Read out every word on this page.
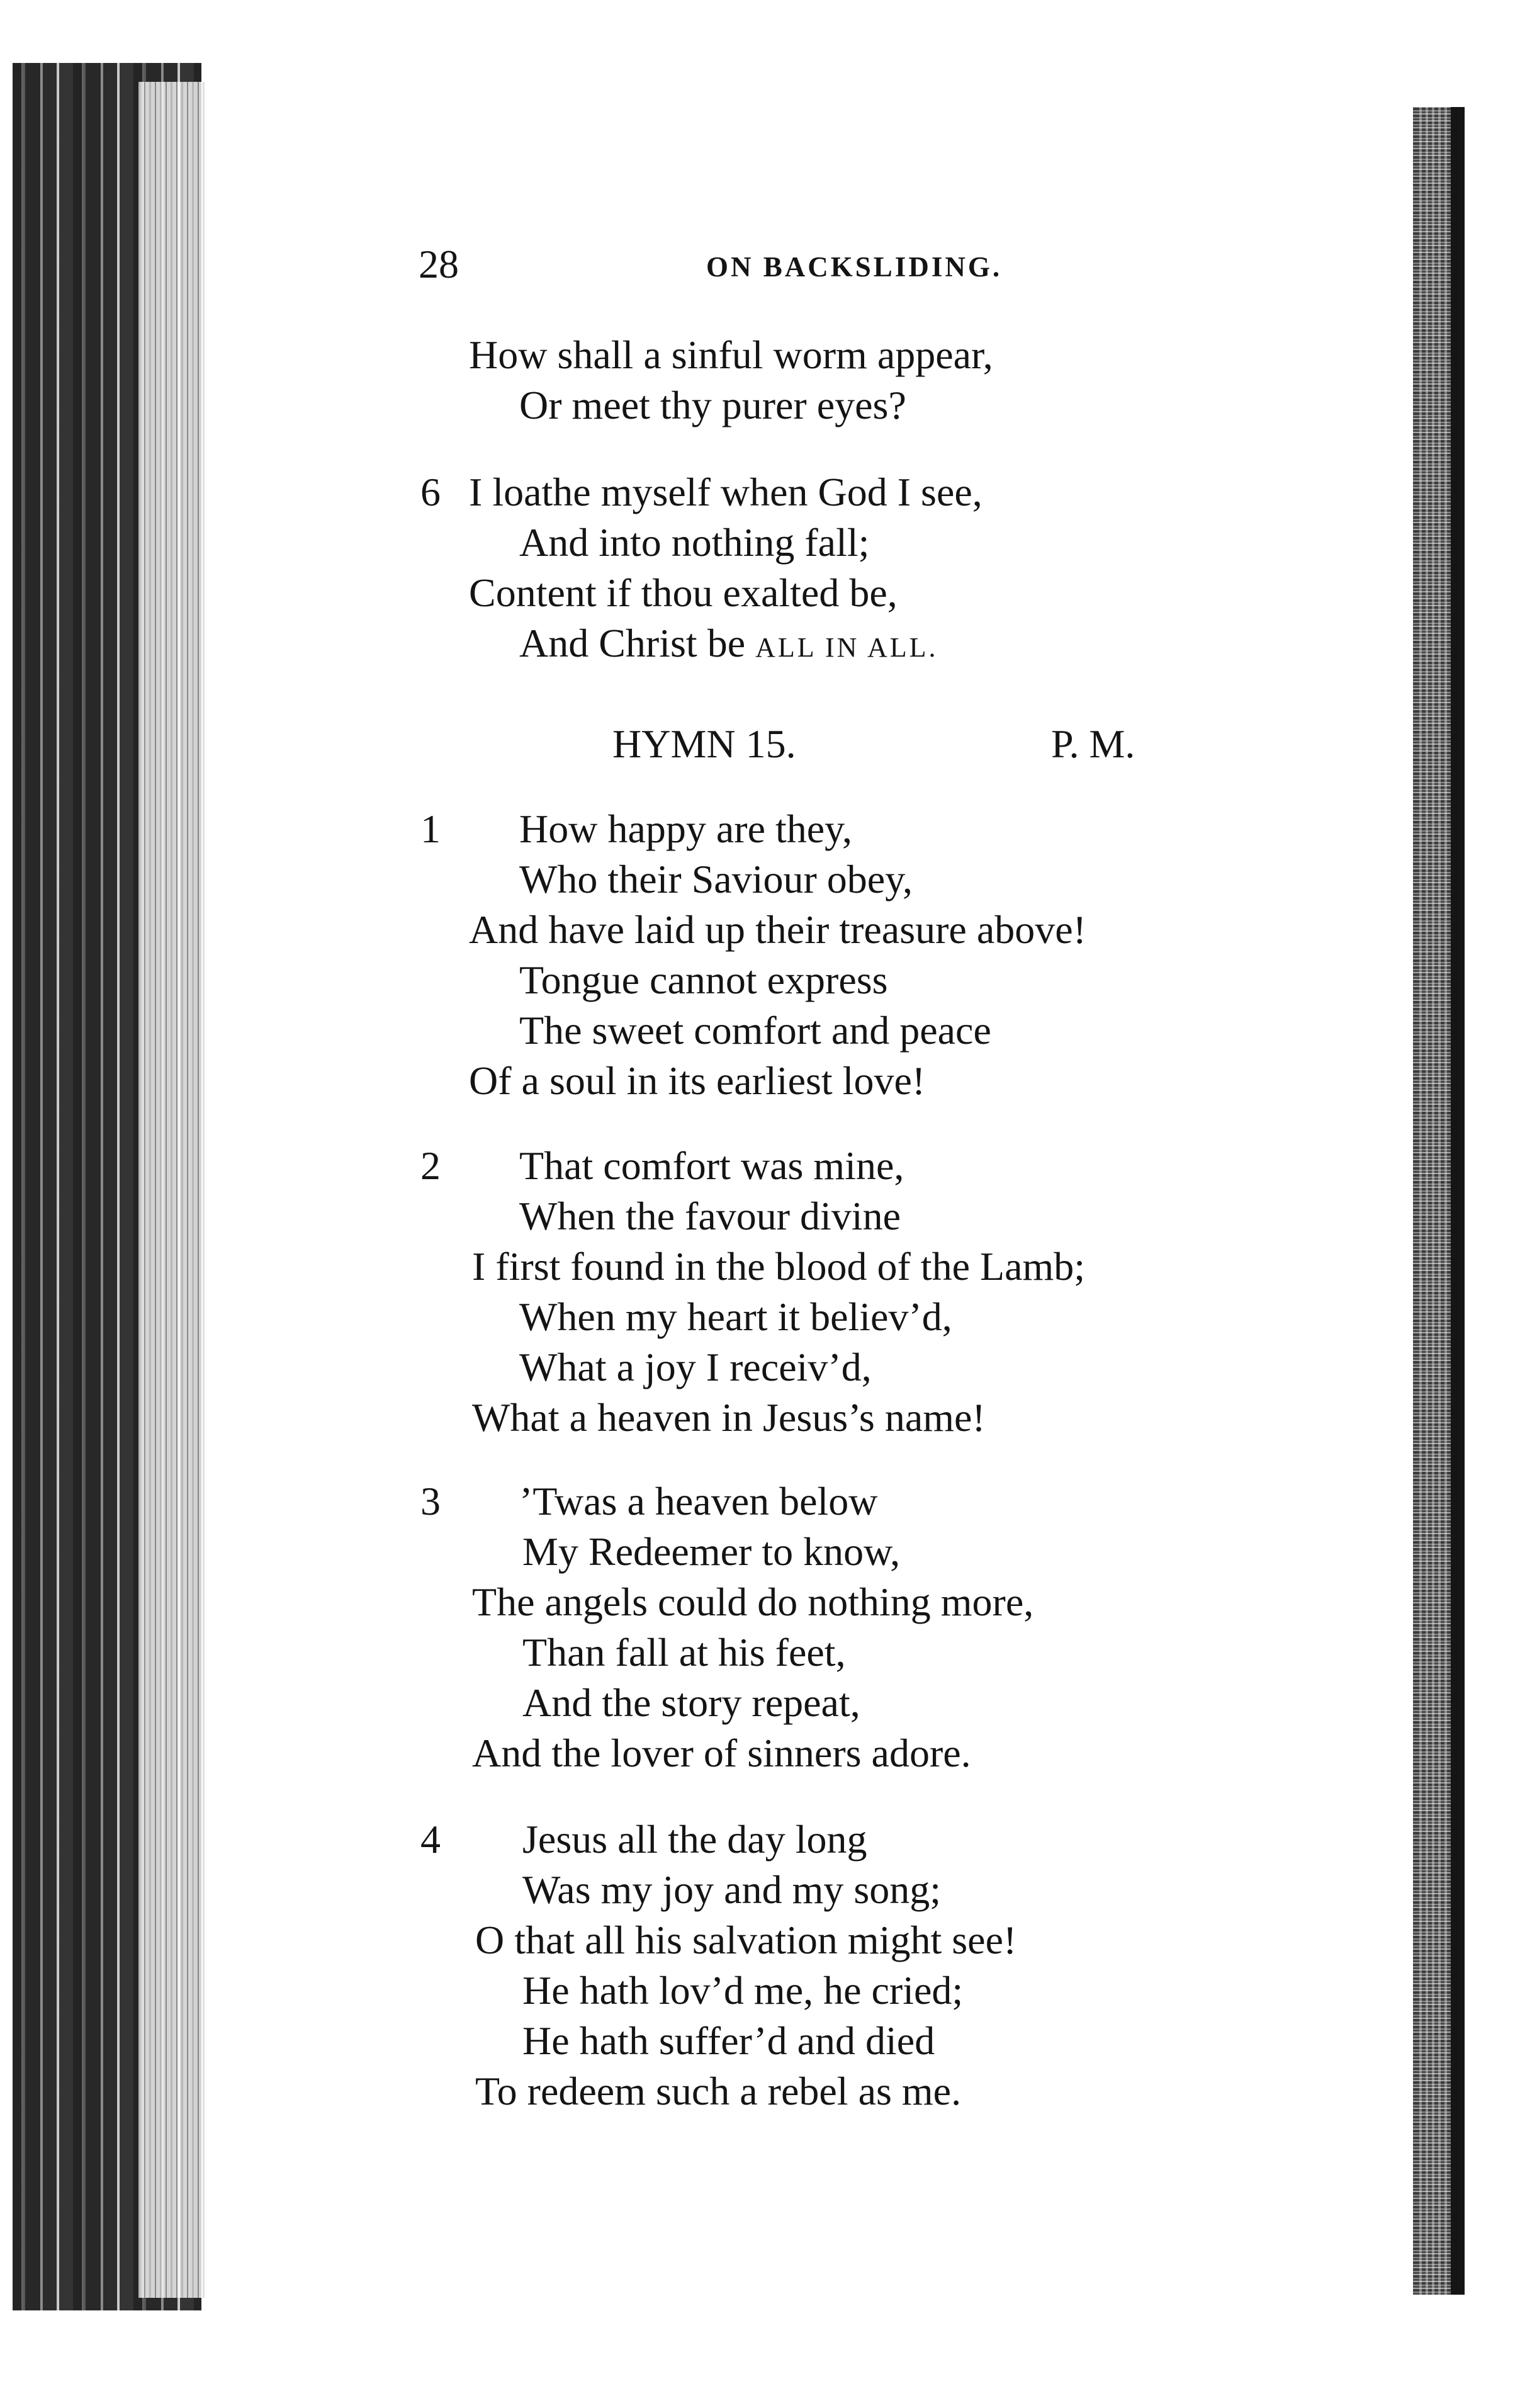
28	ON BACKSLIDING.
How shall a sinful worm appear,
Or meet thy purer eyes?
6 I loathe myself when God I see,
And into nothing fall;
Content if thou exalted be,
And Christ be ALL IN ALL.
HYMN 15.	P. M.
1 How happy are they,
Who their Saviour obey,
And have laid up their treasure above!
Tongue cannot express
The sweet comfort and peace
Of a soul in its earliest love!
2 That comfort was mine,
When the favour divine
I first found in the blood of the Lamb;
When my heart it believ’d,
What a joy I receiv’d,
What a heaven in Jesus’s name!
3 ’Twas a heaven below
My Redeemer to know,
The angels could do nothing more,
Than fall at his feet,
And the story repeat,
And the lover of sinners adore.
4 Jesus all the day long
Was my joy and my song;
O that all his salvation might see!
He hath lov’d me, he cried;
He hath suffer’d and died
To redeem such a rebel as me.
